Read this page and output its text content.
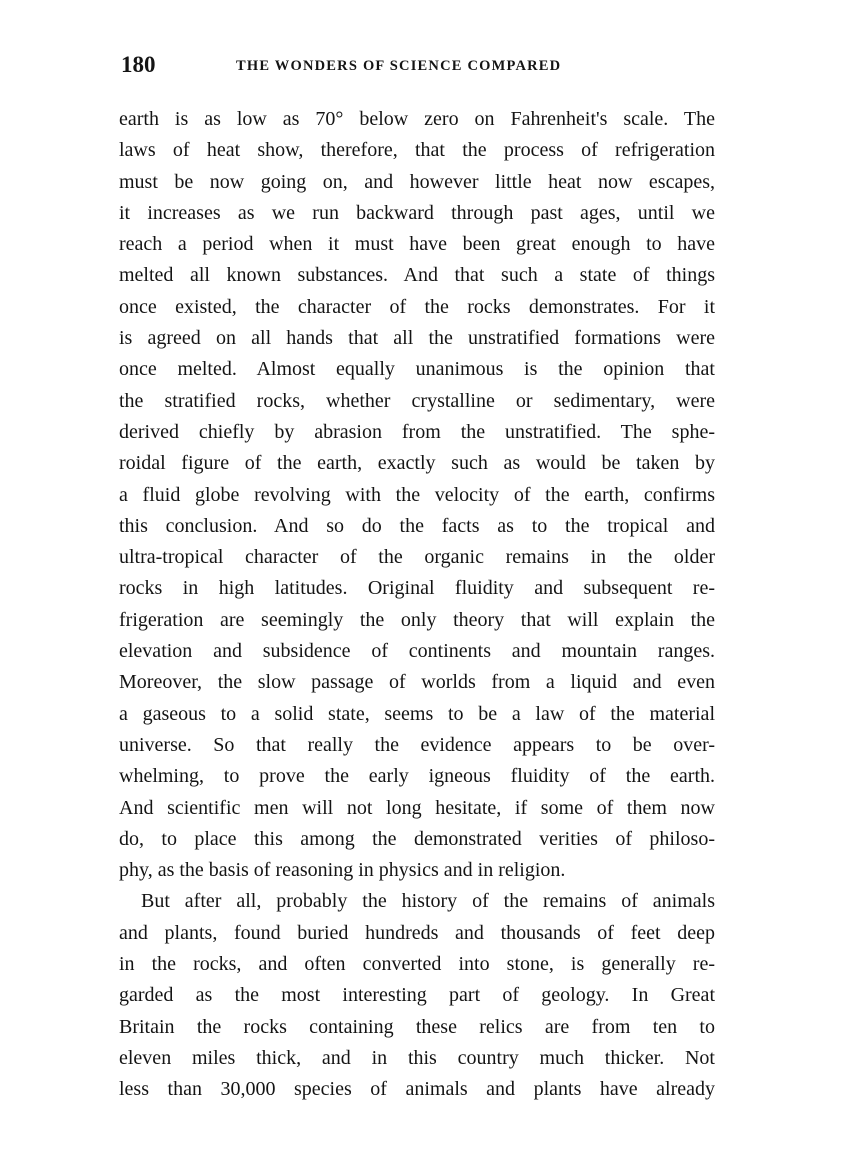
180	THE WONDERS OF SCIENCE COMPARED
earth is as low as 70° below zero on Fahrenheit's scale. The
laws of heat show, therefore, that the process of refrigeration
must be now going on, and however little heat now escapes,
it increases as we run backward through past ages, until we
reach a period when it must have been great enough to have
melted all known substances. And that such a state of things
once existed, the character of the rocks demonstrates. For it
is agreed on all hands that all the unstratified formations were
once melted. Almost equally unanimous is the opinion that
the stratified rocks, whether crystalline or sedimentary, were
derived chiefly by abrasion from the unstratified. The sphe-
roidal figure of the earth, exactly such as would be taken by
a fluid globe revolving with the velocity of the earth, confirms
this conclusion. And so do the facts as to the tropical and
ultra-tropical character of the organic remains in the older
rocks in high latitudes. Original fluidity and subsequent re-
frigeration are seemingly the only theory that will explain the
elevation and subsidence of continents and mountain ranges.
Moreover, the slow passage of worlds from a liquid and even
a gaseous to a solid state, seems to be a law of the material
universe. So that really the evidence appears to be over-
whelming, to prove the early igneous fluidity of the earth.
And scientific men will not long hesitate, if some of them now
do, to place this among the demonstrated verities of philoso-
phy, as the basis of reasoning in physics and in religion.
But after all, probably the history of the remains of animals
and plants, found buried hundreds and thousands of feet deep
in the rocks, and often converted into stone, is generally re-
garded as the most interesting part of geology. In Great
Britain the rocks containing these relics are from ten to
eleven miles thick, and in this country much thicker. Not
less than 30,000 species of animals and plants have already
